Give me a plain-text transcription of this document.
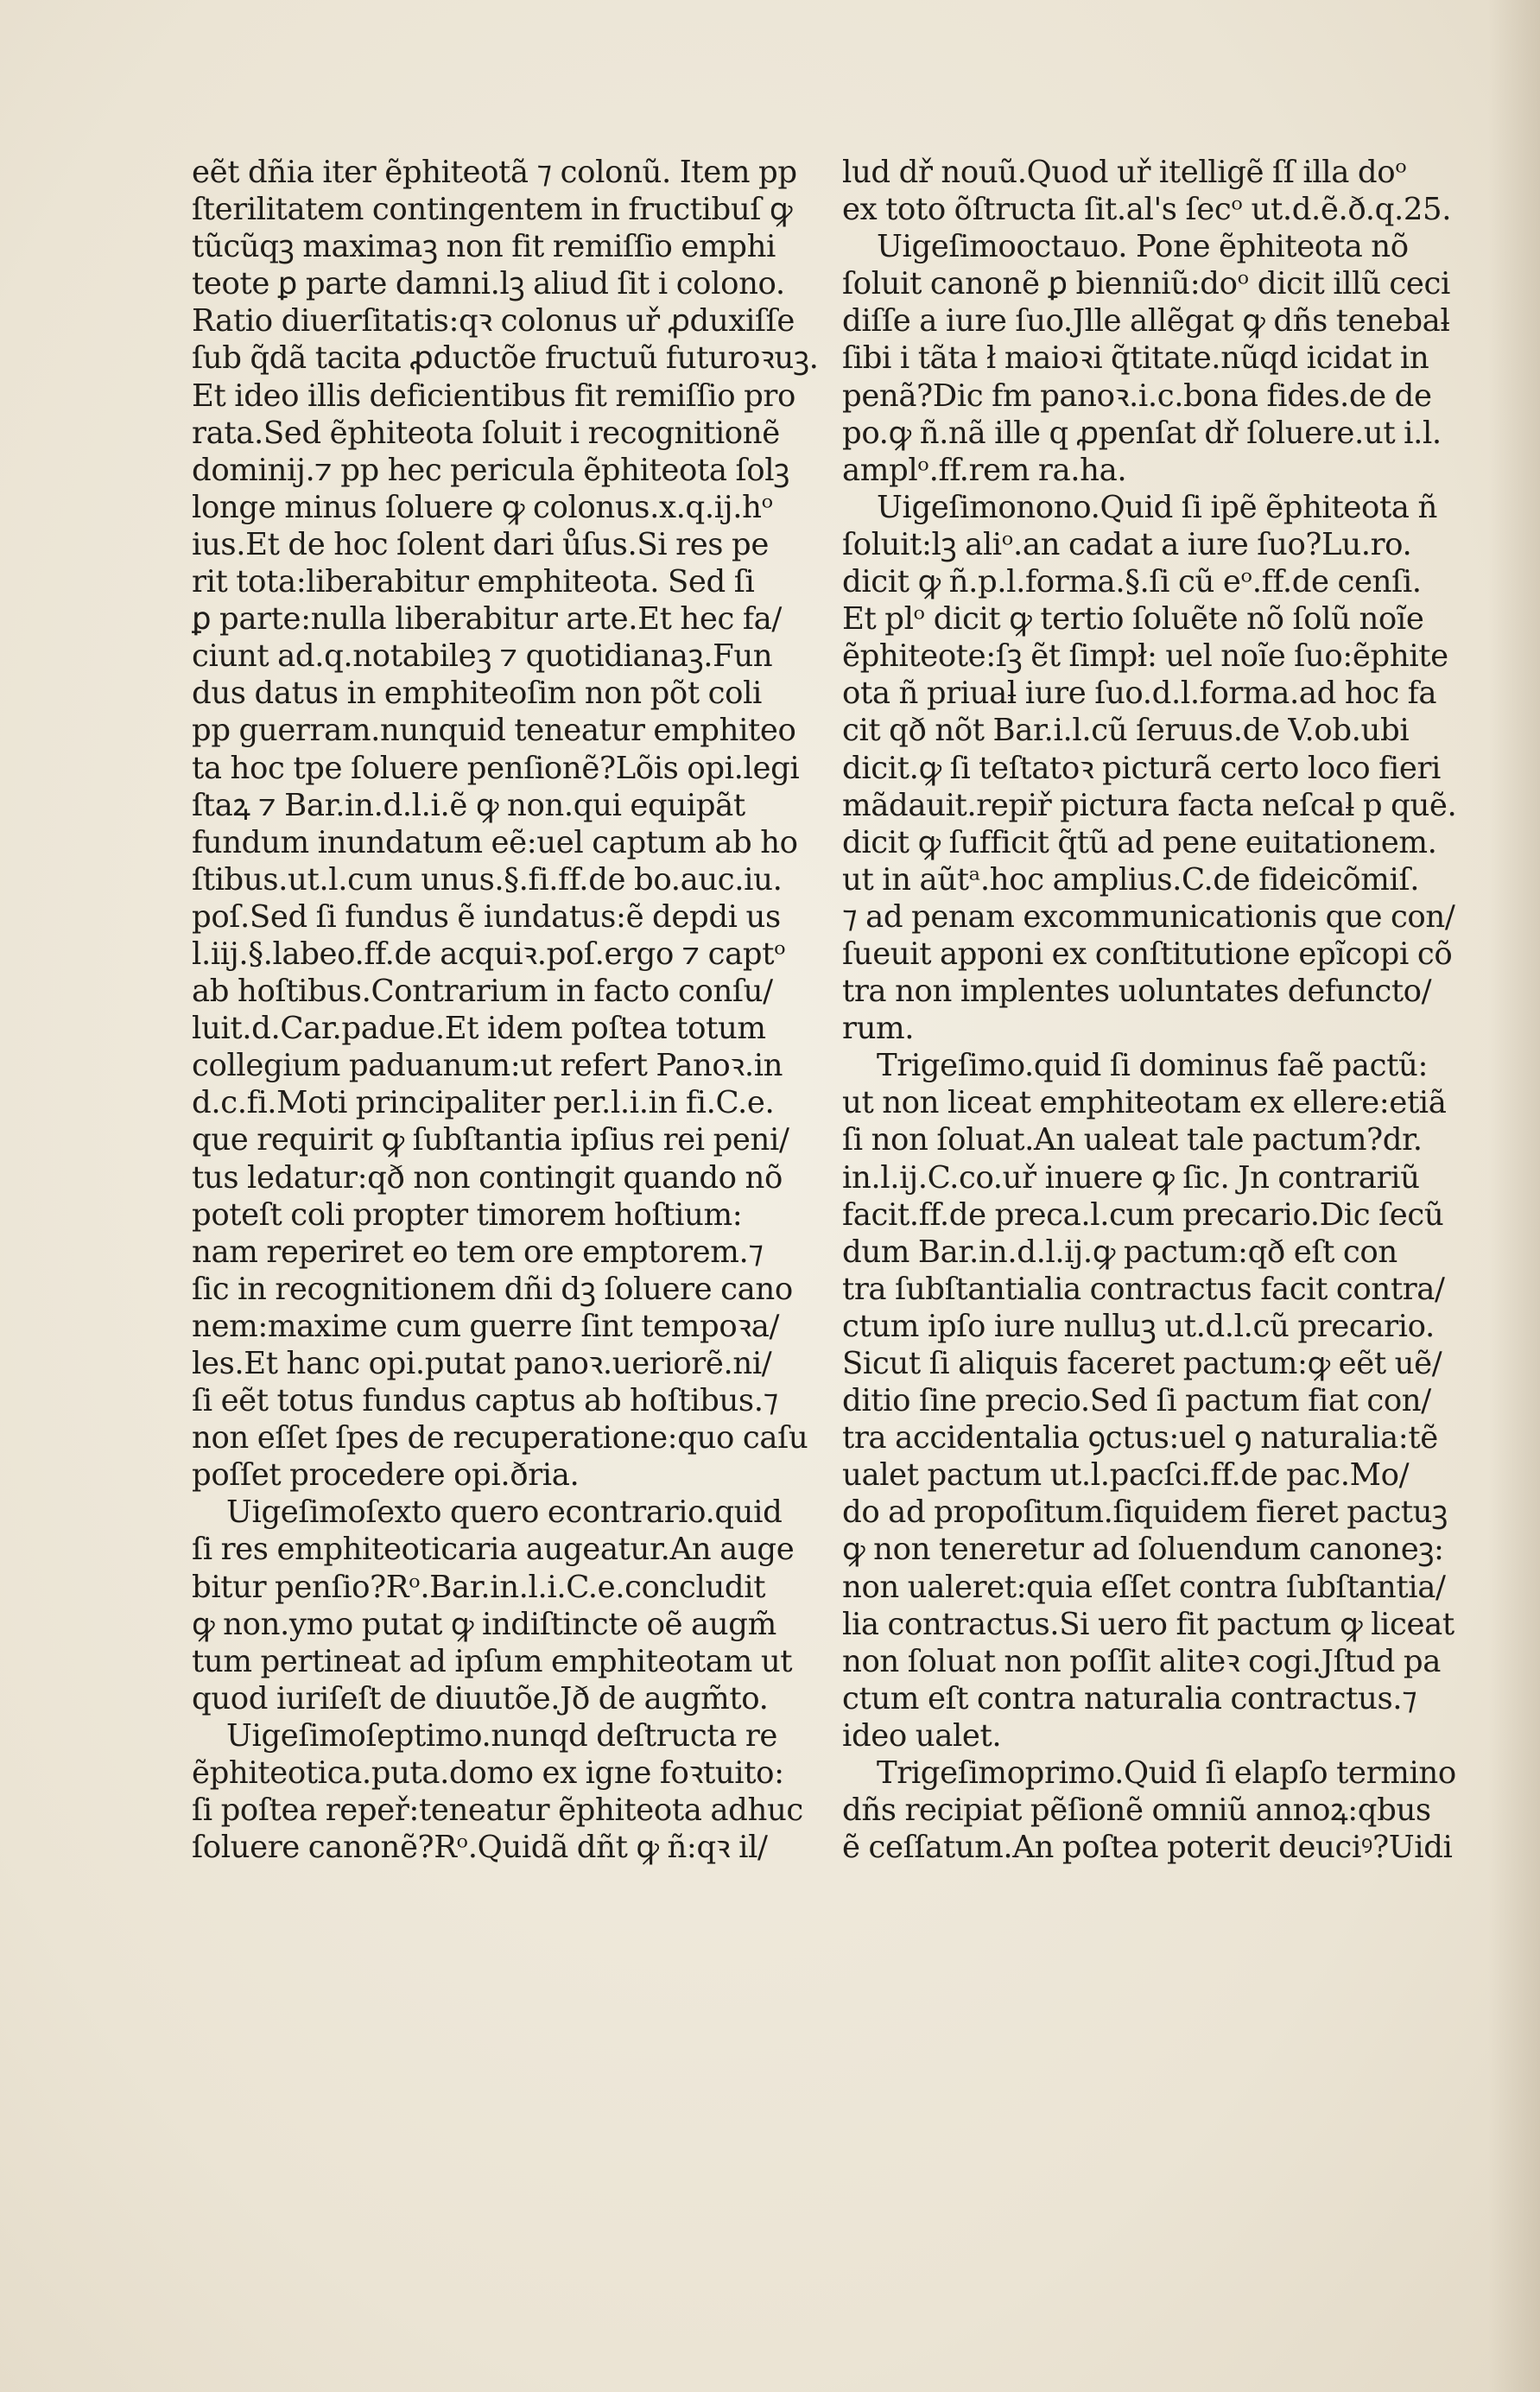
eẽt dñia iter ẽphiteotã ⁊ colonũ. Item pp
ſterilitatem contingentem in fructibuſ ꝙ
tũcũqꝫ maximaꝫ non fit remiſſio emphi
teote ꝑ parte damni.lꝫ aliud ſit i colono.
Ratio diuerſitatis:qꝛ colonus uř ꝓduxiſſe
ſub q̃dã tacita ꝓductõe fructuũ futuroꝛuꝫ.
Et ideo illis deficientibus fit remiſſio pro
rata.Sed ẽphiteota ſoluit i recognitionẽ
dominij.⁊ pp hec pericula ẽphiteota ſolꝫ
longe minus ſoluere ꝙ colonus.x.q.ij.hᵒ
ius.Et de hoc ſolent dari ůſus.Si res pe
rit tota:liberabitur emphiteota. Sed ſi
ꝑ parte:nulla liberabitur arte.Et hec fa/
ciunt ad.q.notabileꝫ ⁊ quotidianaꝫ.Fun
dus datus in emphiteoſim non põt coli
pp guerram.nunquid teneatur emphiteo
ta hoc tpe ſoluere penſionẽ?Lõis opi.legi
ſtaꝝ ⁊ Bar.in.d.l.i.ẽ ꝙ non.qui equipãt
fundum inundatum eẽ:uel captum ab ho
ſtibus.ut.l.cum unus.§.fi.ff.de bo.auc.iu.
poſ.Sed ſi fundus ẽ iundatus:ẽ depdi us
l.iij.§.labeo.ff.de acquiꝛ.poſ.ergo ⁊ captᵒ
ab hoſtibus.Contrarium in facto conſu/
luit.d.Car.padue.Et idem poſtea totum
collegium paduanum:ut refert Panoꝛ.in
d.c.fi.Moti principaliter per.l.i.in fi.C.e.
que requirit ꝙ ſubſtantia ipſius rei peni/
tus ledatur:qð non contingit quando nõ
poteſt coli propter timorem hoſtium:
nam reperiret eo tem ore emptorem.⁊
ſic in recognitionem dñi dꝫ ſoluere cano
nem:maxime cum guerre ſint tempoꝛa/
les.Et hanc opi.putat panoꝛ.ueriorẽ.ni/
ſi eẽt totus fundus captus ab hoſtibus.⁊
non eſſet ſpes de recuperatione:quo caſu
poſſet procedere opi.ðria.
Uigeſimoſexto quero econtrario.quid
ſi res emphiteoticaria augeatur.An auge
bitur penſio?Rᵒ.Bar.in.l.i.C.e.concludit
ꝙ non.ymo putat ꝙ indiſtincte oẽ augm̃
tum pertineat ad ipſum emphiteotam ut
quod iuriſeſt de diuutõe.Jð de augm̃to.
Uigeſimoſeptimo.nunqd deſtructa re
ẽphiteotica.puta.domo ex igne foꝛtuito:
ſi poſtea repeř:teneatur ẽphiteota adhuc
ſoluere canonẽ?Rᵒ.Quidã dñt ꝙ ñ:qꝛ il/
lud dř nouũ.Quod uř itelligẽ ſſ illa doᵒ
ex toto õſtructa ſit.al's ſecᵒ ut.d.ẽ.ð.q.25.
Uigeſimooctauo. Pone ẽphiteota nõ
ſoluit canonẽ ꝑ bienniũ:doᵒ dicit illũ ceci
diſſe a iure ſuo.Jlle allẽgat ꝙ dñs tenebaƚ
ſibi i tãta ł maioꝛi q̃titate.nũqd icidat in
penã?Dic fm panoꝛ.i.c.bona fides.de de
po.ꝙ ñ.nã ille q ꝓpenſat dř ſoluere.ut i.l.
amplᵒ.ff.rem ra.ha.
Uigeſimonono.Quid ſi ipẽ ẽphiteota ñ
ſoluit:lꝫ aliᵒ.an cadat a iure ſuo?Lu.ro.
dicit ꝙ ñ.p.l.forma.§.ſi cũ eᵒ.ff.de cenſi.
Et plᵒ dicit ꝙ tertio ſoluẽte nõ ſolũ noĩe
ẽphiteote:ſꝫ ẽt ſimpł: uel noĩe ſuo:ẽphite
ota ñ priuaƚ iure ſuo.d.l.forma.ad hoc fa
cit qð nõt Bar.i.l.cũ ſeruus.de V.ob.ubi
dicit.ꝙ ſi teſtatoꝛ picturã certo loco fieri
mãdauit.repiř pictura facta neſcaƚ p quẽ.
dicit ꝙ ſufficit q̃tũ ad pene euitationem.
ut in aũtᵃ.hoc amplius.C.de fideicõmiſ.
⁊ ad penam excommunicationis que con/
ſueuit apponi ex conſtitutione epĩcopi cõ
tra non implentes uoluntates defuncto/
rum.
Trigeſimo.quid ſi dominus faẽ pactũ:
ut non liceat emphiteotam ex ellere:etiã
ſi non ſoluat.An ualeat tale pactum?dr.
in.l.ij.C.co.uř inuere ꝙ ſic. Jn contrariũ
facit.ff.de preca.l.cum precario.Dic ſecũ
dum Bar.in.d.l.ij.ꝙ pactum:qð eſt con
tra ſubſtantialia contractus facit contra/
ctum ipſo iure nulluꝫ ut.d.l.cũ precario.
Sicut ſi aliquis faceret pactum:ꝙ eẽt uẽ/
ditio ſine precio.Sed ſi pactum fiat con/
tra accidentalia ꝯctus:uel ꝯ naturalia:tẽ
ualet pactum ut.l.pacſci.ff.de pac.Mo/
do ad propoſitum.ſiquidem fieret pactuꝫ
ꝙ non teneretur ad ſoluendum canoneꝫ:
non ualeret:quia eſſet contra ſubſtantia/
lia contractus.Si uero fit pactum ꝙ liceat
non ſoluat non poſſit aliteꝛ cogi.Jſtud pa
ctum eſt contra naturalia contractus.⁊
ideo ualet.
Trigeſimoprimo.Quid ſi elapſo termino
dñs recipiat pẽſionẽ omniũ annoꝝ:qbus
ẽ ceſſatum.An poſtea poterit deuciꝰ?Uidi
